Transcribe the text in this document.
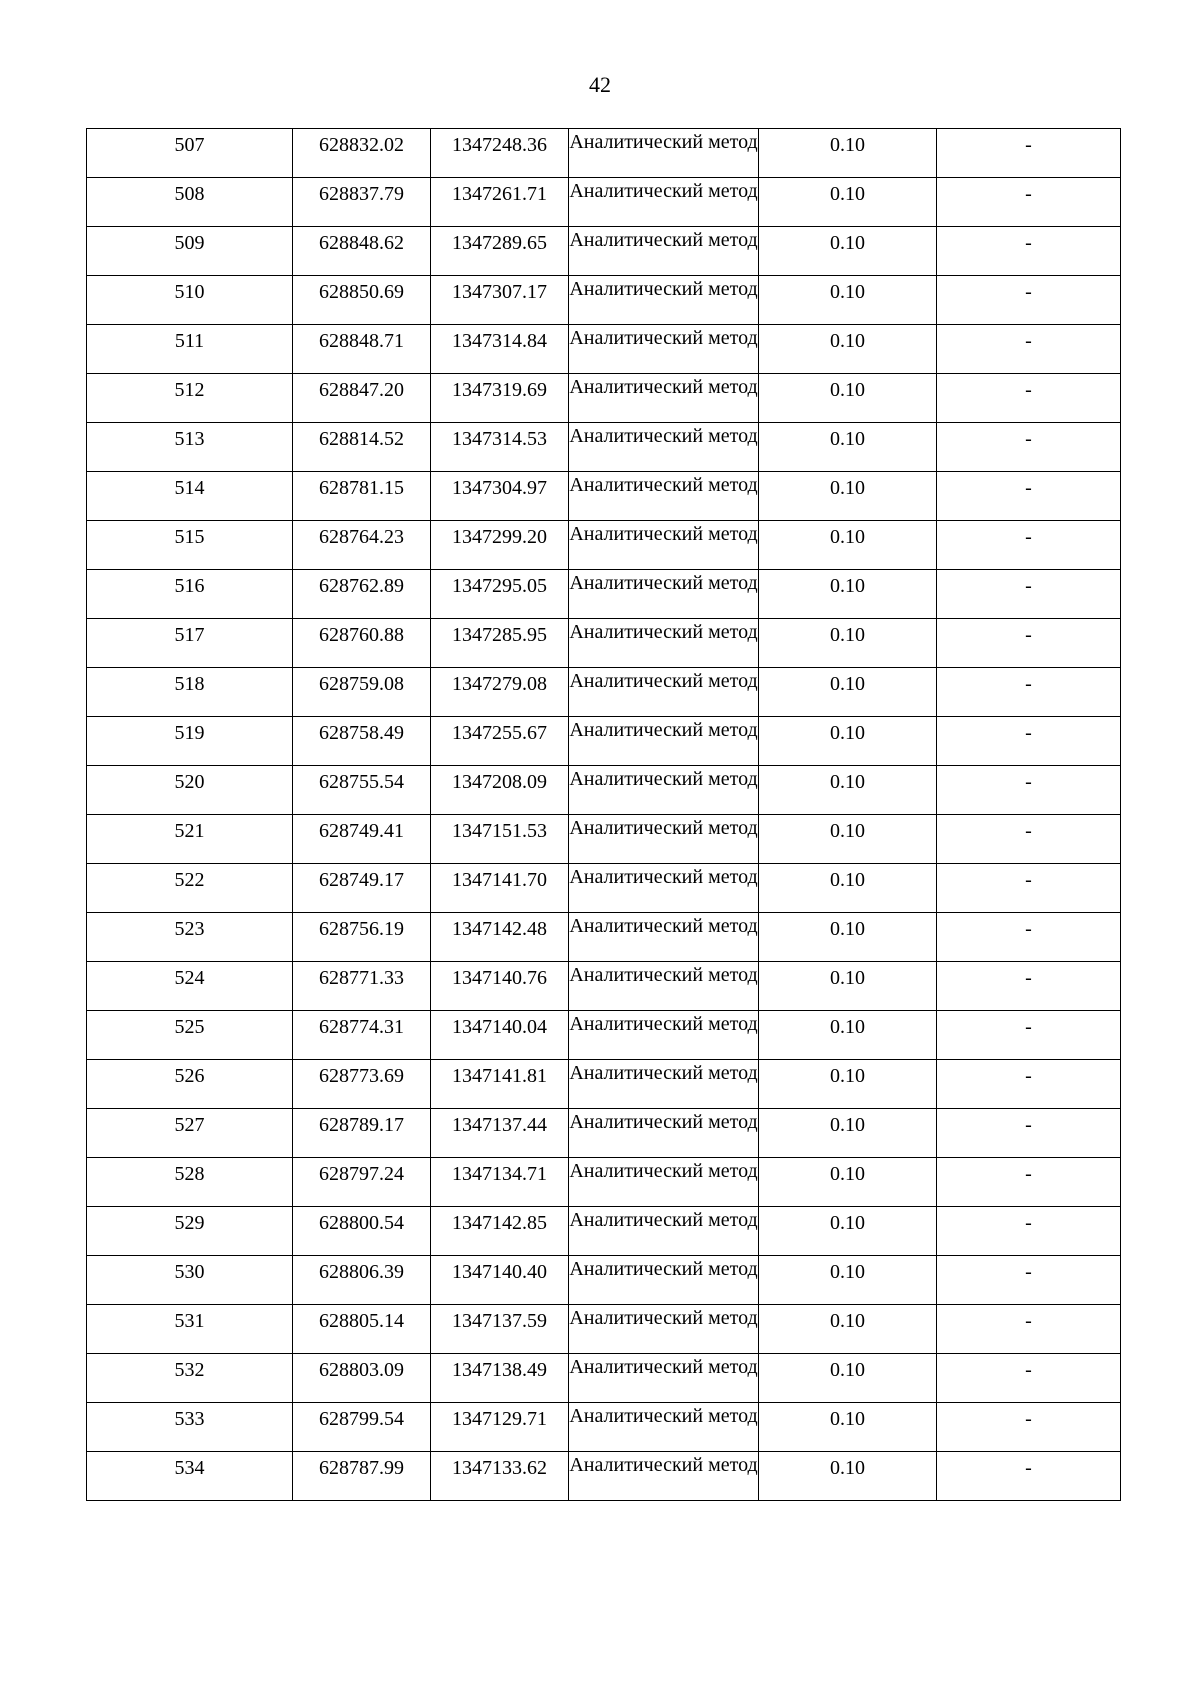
42
507	628832.02	1347248.36	Аналитический метод	0.10	-

508	628837.79	1347261.71	Аналитический метод	0.10	-

509	628848.62	1347289.65	Аналитический метод	0.10	-

510	628850.69	1347307.17	Аналитический метод	0.10	-

511	628848.71	1347314.84	Аналитический метод	0.10	-

512	628847.20	1347319.69	Аналитический метод	0.10	-

513	628814.52	1347314.53	Аналитический метод	0.10	-

514	628781.15	1347304.97	Аналитический метод	0.10	-

515	628764.23	1347299.20	Аналитический метод	0.10	-

516	628762.89	1347295.05	Аналитический метод	0.10	-

517	628760.88	1347285.95	Аналитический метод	0.10	-

518	628759.08	1347279.08	Аналитический метод	0.10	-

519	628758.49	1347255.67	Аналитический метод	0.10	-

520	628755.54	1347208.09	Аналитический метод	0.10	-

521	628749.41	1347151.53	Аналитический метод	0.10	-

522	628749.17	1347141.70	Аналитический метод	0.10	-

523	628756.19	1347142.48	Аналитический метод	0.10	-

524	628771.33	1347140.76	Аналитический метод	0.10	-

525	628774.31	1347140.04	Аналитический метод	0.10	-

526	628773.69	1347141.81	Аналитический метод	0.10	-

527	628789.17	1347137.44	Аналитический метод	0.10	-

528	628797.24	1347134.71	Аналитический метод	0.10	-

529	628800.54	1347142.85	Аналитический метод	0.10	-

530	628806.39	1347140.40	Аналитический метод	0.10	-

531	628805.14	1347137.59	Аналитический метод	0.10	-

532	628803.09	1347138.49	Аналитический метод	0.10	-

533	628799.54	1347129.71	Аналитический метод	0.10	-

534	628787.99	1347133.62	Аналитический метод	0.10	-
